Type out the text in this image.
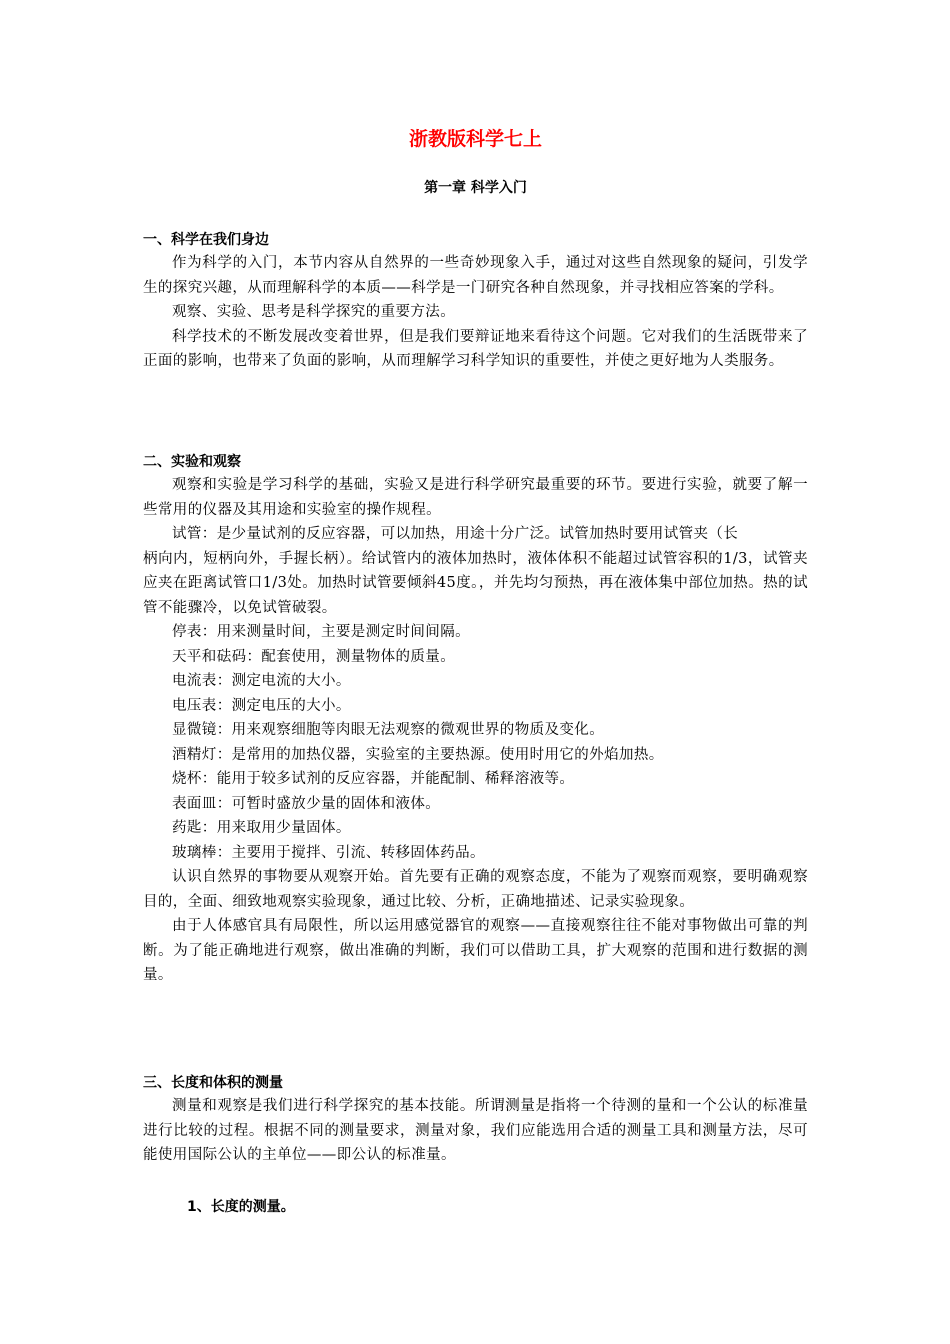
浙教版科学七上
第一章 科学入门
一、科学在我们身边
作为科学的入门，本节内容从自然界的一些奇妙现象入手，通过对这些自然现象的疑问，引发学生的探究兴趣，从而理解科学的本质——科学是一门研究各种自然现象，并寻找相应答案的学科。
观察、实验、思考是科学探究的重要方法。
科学技术的不断发展改变着世界，但是我们要辩证地来看待这个问题。它对我们的生活既带来了正面的影响，也带来了负面的影响，从而理解学习科学知识的重要性，并使之更好地为人类服务。
二、实验和观察
观察和实验是学习科学的基础，实验又是进行科学研究最重要的环节。要进行实验，就要了解一些常用的仪器及其用途和实验室的操作规程。
试管：是少量试剂的反应容器，可以加热，用途十分广泛。试管加热时要用试管夹（长
柄向内，短柄向外，手握长柄）。给试管内的液体加热时，液体体积不能超过试管容积的1/3，试管夹应夹在距离试管口1/3处。加热时试管要倾斜45度。，并先均匀预热，再在液体集中部位加热。热的试管不能骤冷，以免试管破裂。
停表：用来测量时间，主要是测定时间间隔。
天平和砝码：配套使用，测量物体的质量。
电流表：测定电流的大小。
电压表：测定电压的大小。
显微镜：用来观察细胞等肉眼无法观察的微观世界的物质及变化。
酒精灯：是常用的加热仪器，实验室的主要热源。使用时用它的外焰加热。
烧杯：能用于较多试剂的反应容器，并能配制、稀释溶液等。
表面皿：可暂时盛放少量的固体和液体。
药匙：用来取用少量固体。
玻璃棒：主要用于搅拌、引流、转移固体药品。
认识自然界的事物要从观察开始。首先要有正确的观察态度，不能为了观察而观察，要明确观察目的，全面、细致地观察实验现象，通过比较、分析，正确地描述、记录实验现象。
由于人体感官具有局限性，所以运用感觉器官的观察——直接观察往往不能对事物做出可靠的判断。为了能正确地进行观察，做出准确的判断，我们可以借助工具，扩大观察的范围和进行数据的测量。
三、长度和体积的测量
测量和观察是我们进行科学探究的基本技能。所谓测量是指将一个待测的量和一个公认的标准量进行比较的过程。根据不同的测量要求，测量对象，我们应能选用合适的测量工具和测量方法，尽可能使用国际公认的主单位——即公认的标准量。
1、长度的测量。
